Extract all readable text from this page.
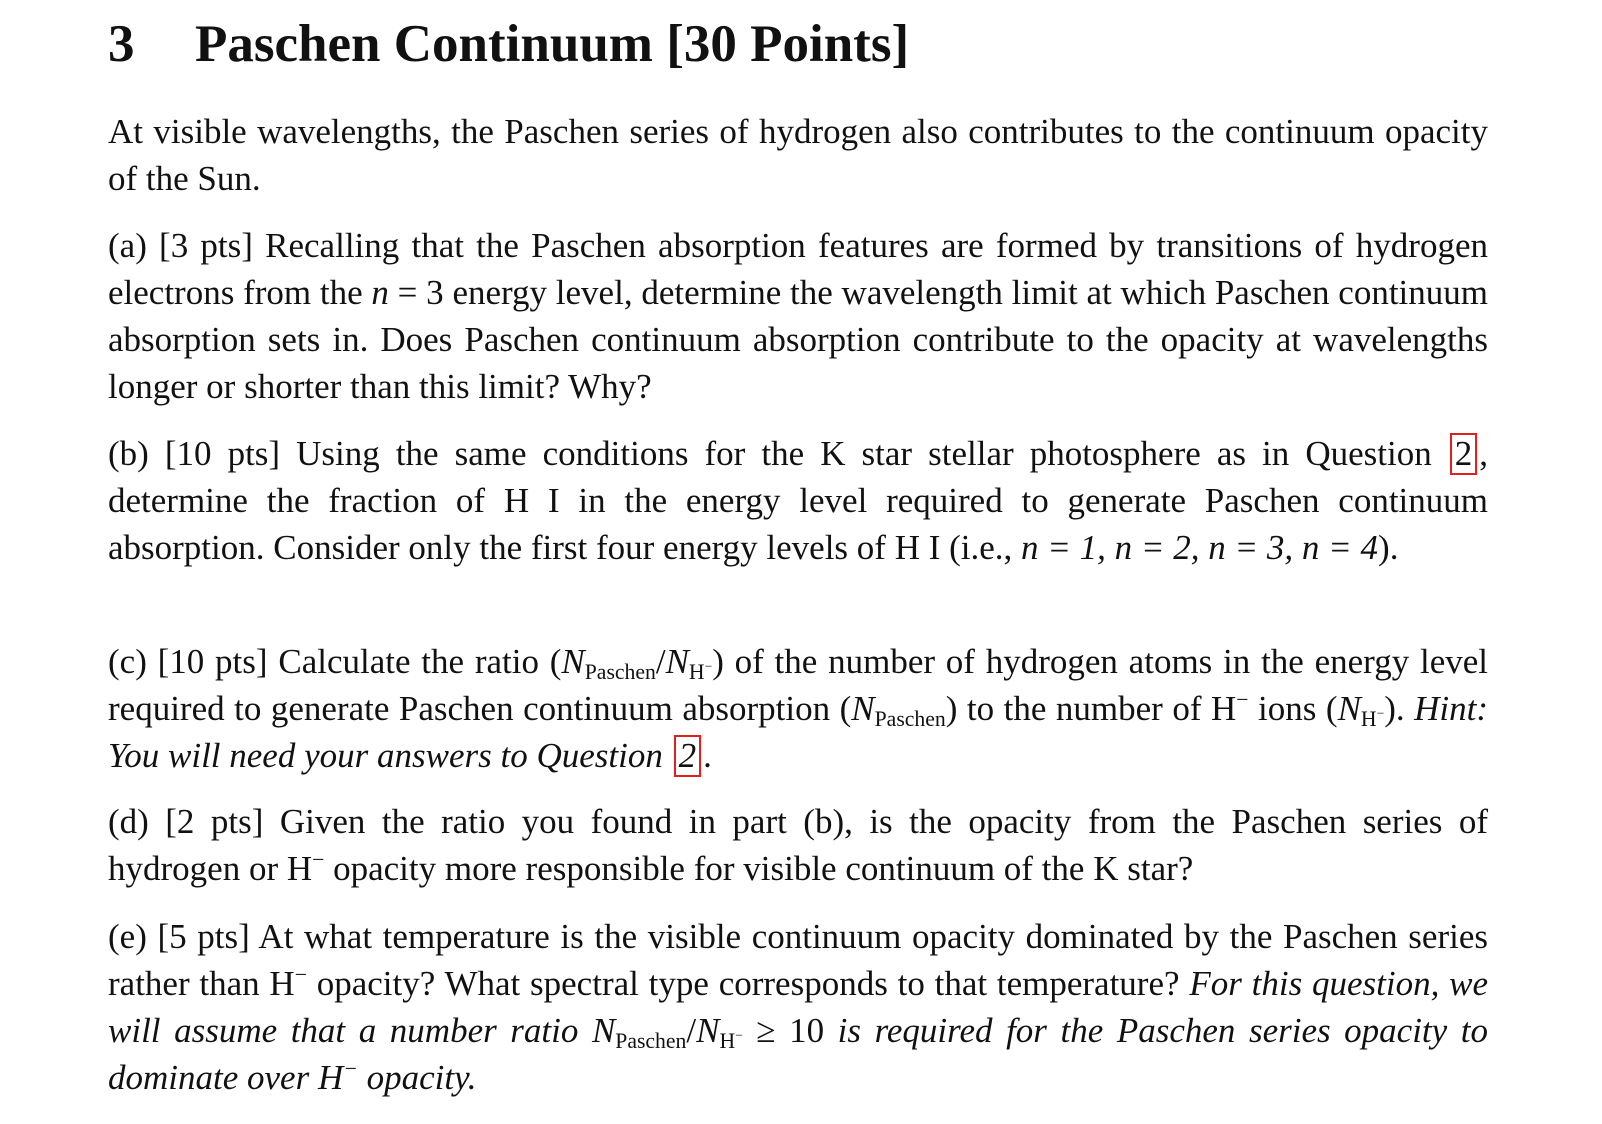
3 Paschen Continuum [30 Points]

At visible wavelengths, the Paschen series of hydrogen also contributes to the continuum opacity of the Sun.

(a) [3 pts] Recalling that the Paschen absorption features are formed by transitions of hydrogen electrons from the n = 3 energy level, determine the wavelength limit at which Paschen continuum absorption sets in. Does Paschen continuum absorption contribute to the opacity at wavelengths longer or shorter than this limit? Why?

(b) [10 pts] Using the same conditions for the K star stellar photosphere as in Question 2 , determine the fraction of H I in the energy level required to generate Paschen continuum absorption. Consider only the first four energy levels of H I (i.e., n = 1, n = 2, n = 3, n = 4).

(c) [10 pts] Calculate the ratio $(N_{Paschen}/N_{H^-})$ of the number of hydrogen atoms in the energy level required to generate Paschen continuum absorption $(N_{Paschen})$ to the number of H− ions $(N_{H^-})$. Hint: You will need your answers to Question 2 .

(d) [2 pts] Given the ratio you found in part (b), is the opacity from the Paschen series of hydrogen or H− opacity more responsible for visible continuum of the K star?

(e) [5 pts] At what temperature is the visible continuum opacity dominated by the Paschen series rather than H− opacity? What spectral type corresponds to that temperature? For this question, we will assume that a number ratio $N_{Paschen}/N_{H^-} \ge 10$ is required for the Paschen series opacity to dominate over H− opacity.
